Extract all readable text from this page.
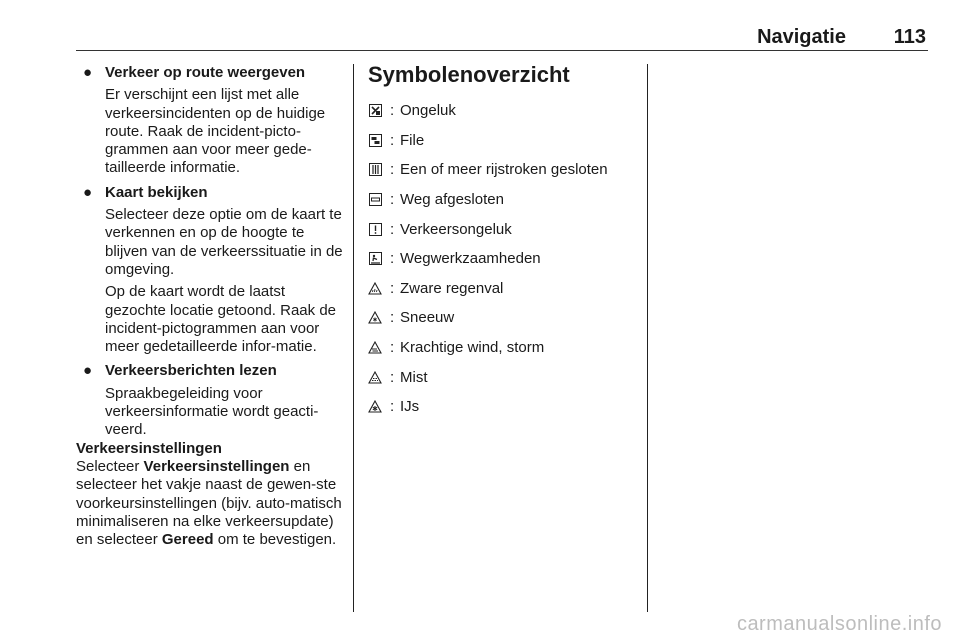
Navigatie 113
● Verkeer op route weergeven
Er verschijnt een lijst met alle verkeersincidenten op de huidige route. Raak de incident-picto-grammen aan voor meer gede-tailleerde informatie.
● Kaart bekijken
Selecteer deze optie om de kaart te verkennen en op de hoogte te blijven van de verkeerssituatie in de omgeving.
Op de kaart wordt de laatst gezochte locatie getoond. Raak de incident-pictogrammen aan voor meer gedetailleerde infor-matie.
● Verkeersberichten lezen
Spraakbegeleiding voor verkeersinformatie wordt geacti-veerd.
Verkeersinstellingen
Selecteer Verkeersinstellingen en selecteer het vakje naast de gewen-ste voorkeursinstellingen (bijv. auto-matisch minimaliseren na elke verkeersupdate) en selecteer Gereed om te bevestigen.
Symbolenoverzicht
: Ongeluk
: File
: Een of meer rijstroken gesloten
: Weg afgesloten
: Verkeersongeluk
: Wegwerkzaamheden
: Zware regenval
: Sneeuw
: Krachtige wind, storm
: Mist
: IJs
carmanualsonline.info
